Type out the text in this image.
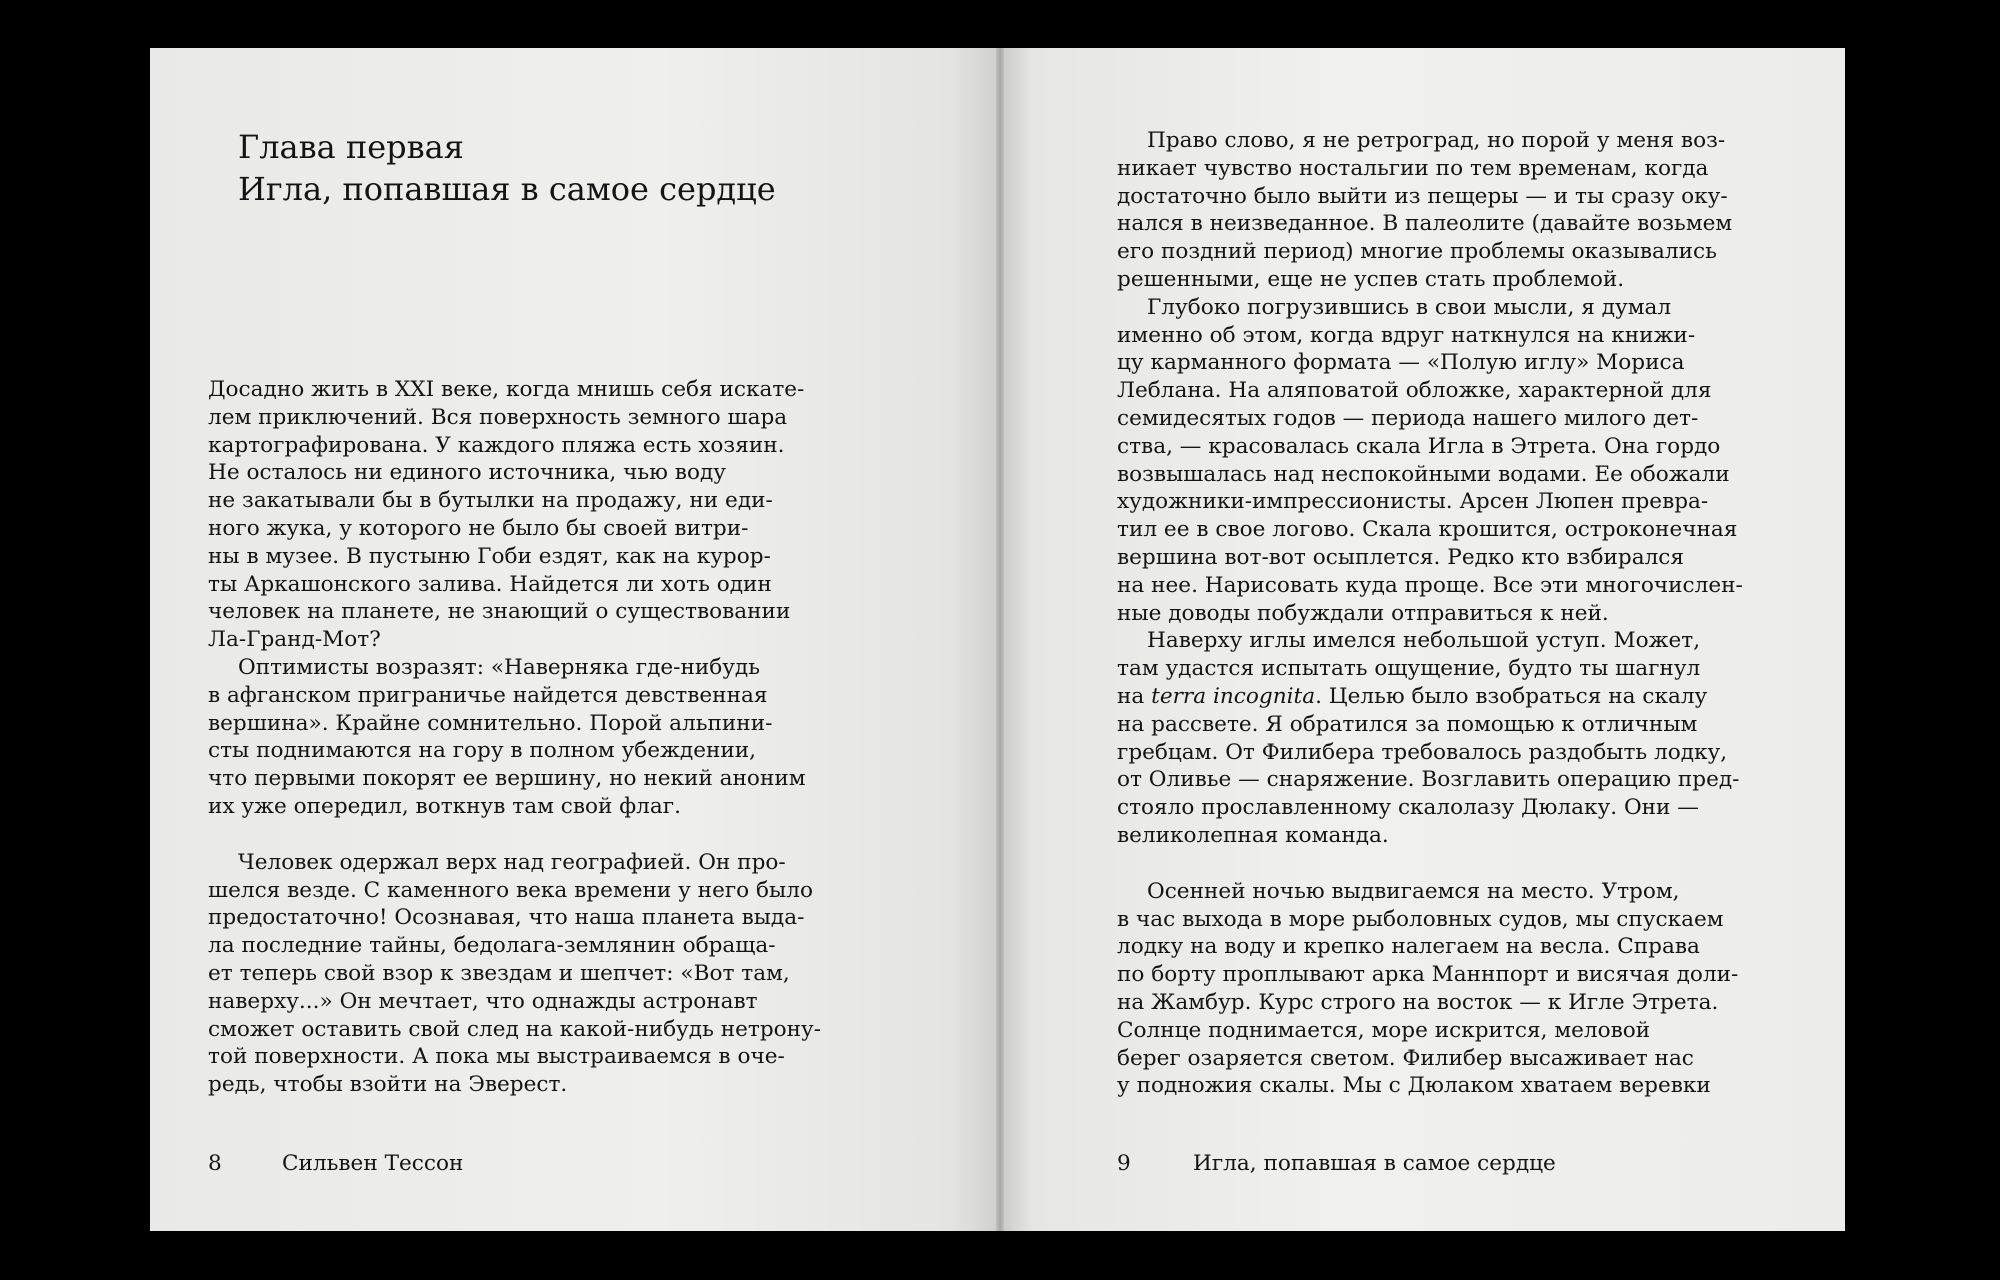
Глава первая
Игла, попавшая в самое сердце

Досадно жить в XXI веке, когда мнишь себя искате-

лем приключений. Вся поверхность земного шара

картографирована. У каждого пляжа есть хозяин.

Не осталось ни единого источника, чью воду

не закатывали бы в бутылки на продажу, ни еди-

ного жука, у которого не было бы своей витри-

ны в музее. В пустыню Гоби ездят, как на курор-

ты Аркашонского залива. Найдется ли хоть один

человек на планете, не знающий о существовании

Ла-Гранд-Мот?

Оптимисты возразят: «Наверняка где-нибудь

в афганском приграничье найдется девственная

вершина». Крайне сомнительно. Порой альпини-

сты поднимаются на гору в полном убеждении,

что первыми покорят ее вершину, но некий аноним

их уже опередил, воткнув там свой флаг.

Человек одержал верх над географией. Он про-

шелся везде. С каменного века времени у него было

предостаточно! Осознавая, что наша планета выда-

ла последние тайны, бедолага-землянин обраща-

ет теперь свой взор к звездам и шепчет: «Вот там,

наверху...» Он мечтает, что однажды астронавт

сможет оставить свой след на какой-нибудь нетрону-

той поверхности. А пока мы выстраиваемся в оче-

редь, чтобы взойти на Эверест.

8	Сильвен Тессон

Право слово, я не ретроград, но порой у меня воз-

никает чувство ностальгии по тем временам, когда

достаточно было выйти из пещеры — и ты сразу оку-

нался в неизведанное. В палеолите (давайте возьмем

его поздний период) многие проблемы оказывались

решенными, еще не успев стать проблемой.

Глубоко погрузившись в свои мысли, я думал

именно об этом, когда вдруг наткнулся на книжи-

цу карманного формата — «Полую иглу» Мориса

Леблана. На аляповатой обложке, характерной для

семидесятых годов — периода нашего милого дет-

ства, — красовалась скала Игла в Этрета. Она гордо

возвышалась над неспокойными водами. Ее обожали

художники-импрессионисты. Арсен Люпен превра-

тил ее в свое логово. Скала крошится, остроконечная

вершина вот-вот осыплется. Редко кто взбирался

на нее. Нарисовать куда проще. Все эти многочислен-

ные доводы побуждали отправиться к ней.

Наверху иглы имелся небольшой уступ. Может,

там удастся испытать ощущение, будто ты шагнул

на terra incognita. Целью было взобраться на скалу

на рассвете. Я обратился за помощью к отличным

гребцам. От Филибера требовалось раздобыть лодку,

от Оливье — снаряжение. Возглавить операцию пред-

стояло прославленному скалолазу Дюлаку. Они —

великолепная команда.

Осенней ночью выдвигаемся на место. Утром,

в час выхода в море рыболовных судов, мы спускаем

лодку на воду и крепко налегаем на весла. Справа

по борту проплывают арка Маннпорт и висячая доли-

на Жамбур. Курс строго на восток — к Игле Этрета.

Солнце поднимается, море искрится, меловой

берег озаряется светом. Филибер высаживает нас

у подножия скалы. Мы с Дюлаком хватаем веревки

9	Игла, попавшая в самое сердце
